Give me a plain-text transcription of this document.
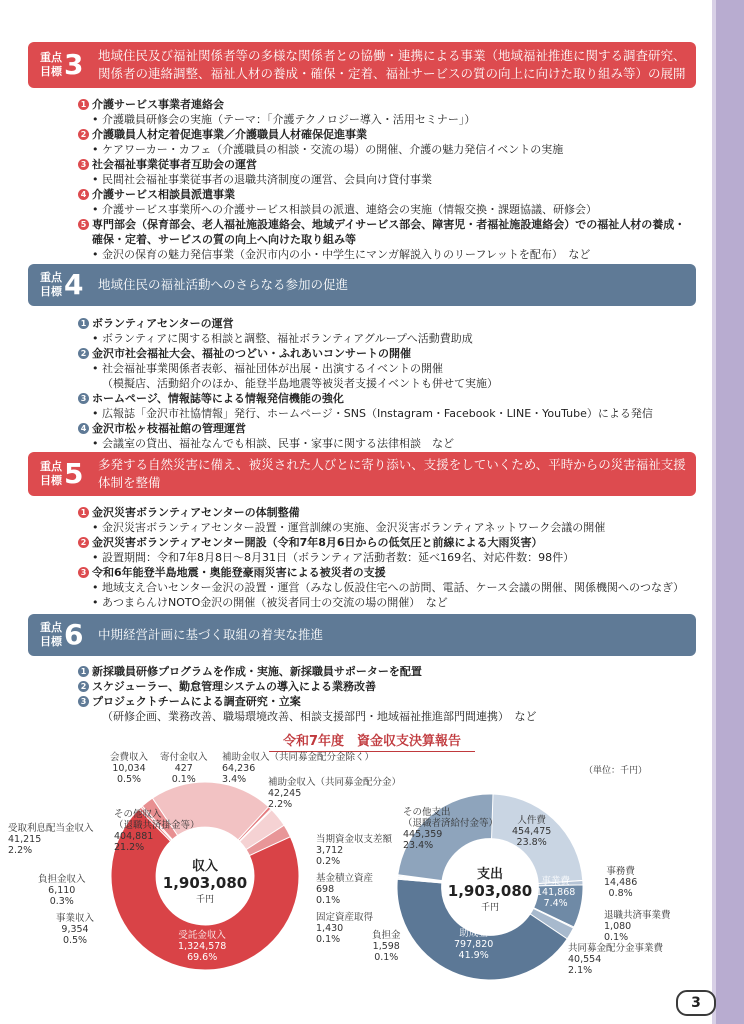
重点
目標 3 地域住民及び福祉関係者等の多様な関係者との協働・連携による事業（地域福祉推進に関する調査研究、関係者の連絡調整、福祉人材の養成・確保・定着、福祉サービスの質の向上に向けた取り組み等）の展開
1 介護サービス事業者連絡会
• 介護職員研修会の実施（テーマ：「介護テクノロジー導入・活用セミナー」）
2 介護職員人材定着促進事業／介護職員人材確保促進事業
• ケアワーカー・カフェ（介護職員の相談・交流の場）の開催、介護の魅力発信イベントの実施
3 社会福祉事業従事者互助会の運営
• 民間社会福祉事業従事者の退職共済制度の運営、会員向け貸付事業
4 介護サービス相談員派遣事業
• 介護サービス事業所への介護サービス相談員の派遣、連絡会の実施（情報交換・課題協議、研修会）
5 専門部会（保育部会、老人福祉施設連絡会、地域デイサービス部会、障害児・者福祉施設連絡会）での福祉人材の養成・確保・定着、サービスの質の向上へ向けた取り組み等
• 金沢の保育の魅力発信事業（金沢市内の小・中学生にマンガ解説入りのリーフレットを配布）　など
重点
目標 4 地域住民の福祉活動へのさらなる参加の促進
1 ボランティアセンターの運営
• ボランティアに関する相談と調整、福祉ボランティアグループへ活動費助成
2 金沢市社会福祉大会、福祉のつどい・ふれあいコンサートの開催
• 社会福祉事業関係者表彰、福祉団体が出展・出演するイベントの開催
（模擬店、活動紹介のほか、能登半島地震等被災者支援イベントも併せて実施）
3 ホームページ、情報誌等による情報発信機能の強化
• 広報誌「金沢市社協情報」発行、ホームページ・SNS（Instagram・Facebook・LINE・YouTube）による発信
4 金沢市松ヶ枝福祉館の管理運営
• 会議室の貸出、福祉なんでも相談、民事・家事に関する法律相談　など
重点
目標 5 多発する自然災害に備え、被災された人びとに寄り添い、支援をしていくため、平時からの災害福祉支援体制を整備
1 金沢災害ボランティアセンターの体制整備
• 金沢災害ボランティアセンター設置・運営訓練の実施、金沢災害ボランティアネットワーク会議の開催
2 金沢災害ボランティアセンター開設（令和7年8月6日からの低気圧と前線による大雨災害）
• 設置期間：令和7年8月8日～8月31日（ボランティア活動者数：延べ169名、対応件数：98件）
3 令和6年能登半島地震・奥能登豪雨災害による被災者の支援
• 地域支え合いセンター金沢の設置・運営（みなし仮設住宅への訪問、電話、ケース会議の開催、関係機関へのつなぎ）
• あつまらんけNOTO金沢の開催（被災者同士の交流の場の開催）　など
重点
目標 6 中期経営計画に基づく取組の着実な推進
1 新採職員研修プログラムを作成・実施、新採職員サポーターを配置
2 スケジューラー、勤怠管理システムの導入による業務改善
3 プロジェクトチームによる調査研究・立案
（研修企画、業務改善、職場環境改善、相談支援部門・地域福祉推進部門間連携）　など
令和7年度　資金収支決算報告
（単位：千円）
収入
1,903,080
千円
支出
1,903,080
千円
受託金収入
1,324,578
69.6%
事業収入
9,354
0.5%
負担金収入
6,110
0.3%
受取利息配当金収入
41,215
2.2%
その他収入
（退職共済掛金等）
404,881
21.2%
会費収入
10,034
0.5%
寄付金収入
427
0.1%
補助金収入（共同募金配分金除く）
64,236
3.4%	補助金収入（共同募金配分金）
42,245
2.2%
人件費
454,475
23.8%
事務費
14,486
0.8%
事業費
141,868
7.4%
退職共済事業費
1,080
0.1%
共同募金配分金事業費
40,554
2.1%
助成金
797,820
41.9%
負担金
1,598
0.1%
固定資産取得
1,430
0.1%
基金積立資産
698
0.1%
当期資金収支差額
3,712
0.2%
その他支出
（退職者済給付金等）
445,359
23.4%
3
